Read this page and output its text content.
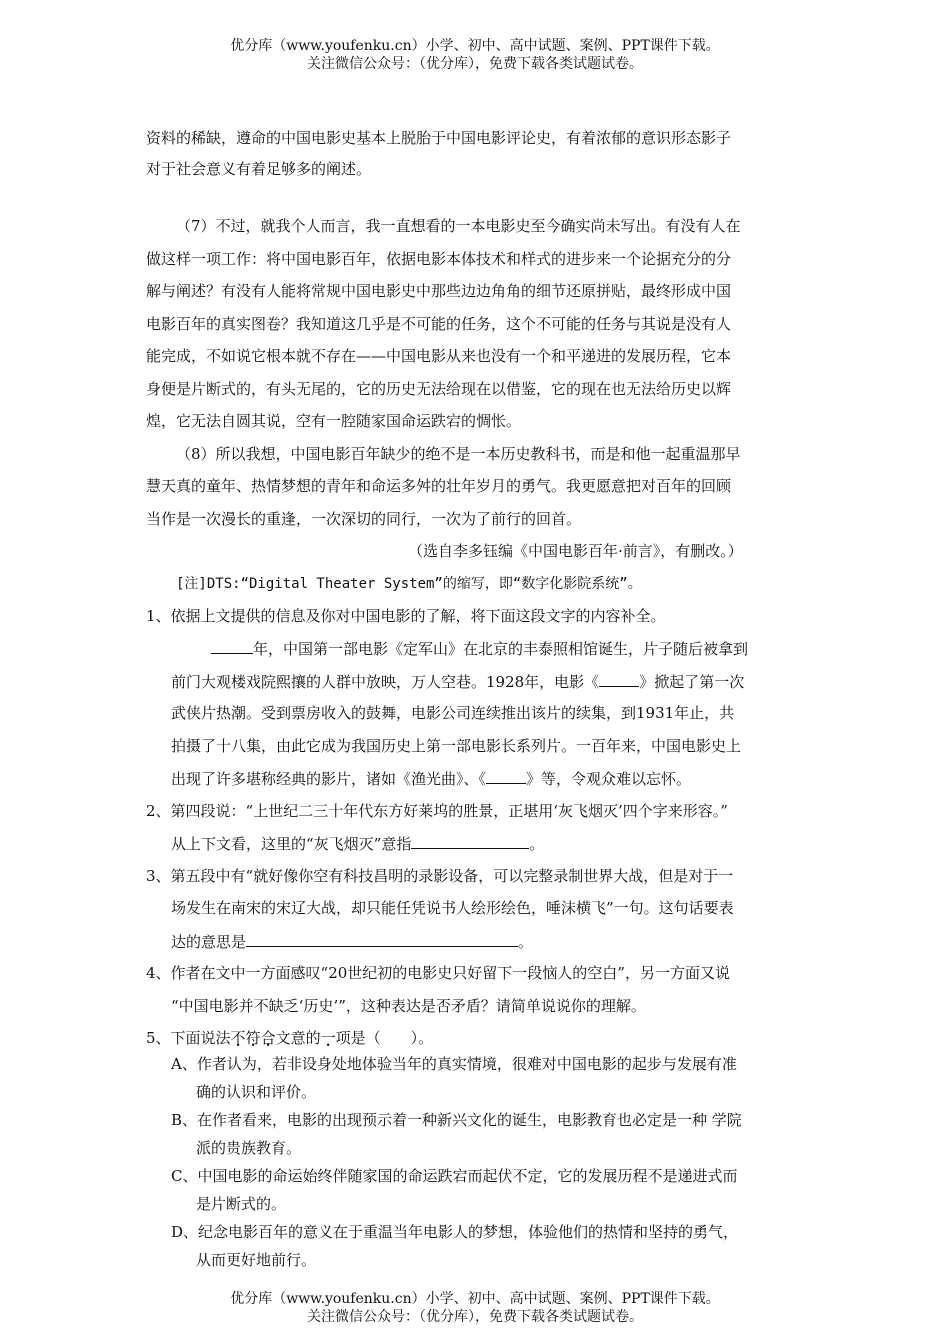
优分库（www.youfenku.cn）小学、初中、高中试题、案例、PPT课件下载。
关注微信公众号：（优分库），免费下载各类试题试卷。
资料的稀缺，遵命的中国电影史基本上脱胎于中国电影评论史，有着浓郁的意识形态影子
对于社会意义有着足够多的阐述。
（7）不过，就我个人而言，我一直想看的一本电影史至今确实尚未写出。有没有人在
做这样一项工作：将中国电影百年，依据电影本体技术和样式的进步来一个论据充分的分
解与阐述？有没有人能将常规中国电影史中那些边边角角的细节还原拼贴，最终形成中国
电影百年的真实图卷？我知道这几乎是不可能的任务，这个不可能的任务与其说是没有人
能完成，不如说它根本就不存在——中国电影从来也没有一个和平递进的发展历程，它本
身便是片断式的，有头无尾的，它的历史无法给现在以借鉴，它的现在也无法给历史以辉
煌，它无法自圆其说，空有一腔随家国命运跌宕的惆怅。
（8）所以我想，中国电影百年缺少的绝不是一本历史教科书，而是和他一起重温那早
慧天真的童年、热情梦想的青年和命运多舛的壮年岁月的勇气。我更愿意把对百年的回顾
当作是一次漫长的重逢，一次深切的同行，一次为了前行的回首。
（选自李多钰编《中国电影百年·前言》，有删改。）
[注]DTS:“Digital Theater System”的缩写，即“数字化影院系统”。
1、依据上文提供的信息及你对中国电影的了解，将下面这段文字的内容补全。
年，中国第一部电影《定军山》在北京的丰泰照相馆诞生，片子随后被拿到
前门大观楼戏院熙攘的人群中放映，万人空巷。1928年，电影《	》掀起了第一次
武侠片热潮。受到票房收入的鼓舞，电影公司连续推出该片的续集，到1931年止，共
拍摄了十八集，由此它成为我国历史上第一部电影长系列片。一百年来，中国电影史上
出现了许多堪称经典的影片，诸如《渔光曲》、《	》等，令观众难以忘怀。
2、第四段说：“上世纪二三十年代东方好莱坞的胜景，正堪用‘灰飞烟灭’四个字来形容。”
从上下文看，这里的“灰飞烟灭”意指	。
3、第五段中有“就好像你空有科技昌明的录影设备，可以完整录制世界大战，但是对于一
场发生在南宋的宋辽大战，却只能任凭说书人绘形绘色，唾沫横飞”一句。这句话要表
达的意思是	。
4、作者在文中一方面感叹“20世纪初的电影史只好留下一段恼人的空白”，另一方面又说
“中国电影并不缺乏‘历史’”，这种表达是否矛盾？请简单说说你的理解。
5、下面说法不符合文意的一项是（　　）。
A、作者认为，若非设身处地体验当年的真实情境，很难对中国电影的起步与发展有准
确的认识和评价。
B、在作者看来，电影的出现预示着一种新兴文化的诞生，电影教育也必定是一种 学院
派的贵族教育。
C、中国电影的命运始终伴随家国的命运跌宕而起伏不定，它的发展历程不是递进式而
是片断式的。
D、纪念电影百年的意义在于重温当年电影人的梦想，体验他们的热情和坚持的勇气，
从而更好地前行。
优分库（www.youfenku.cn）小学、初中、高中试题、案例、PPT课件下载。
关注微信公众号：（优分库），免费下载各类试题试卷。
